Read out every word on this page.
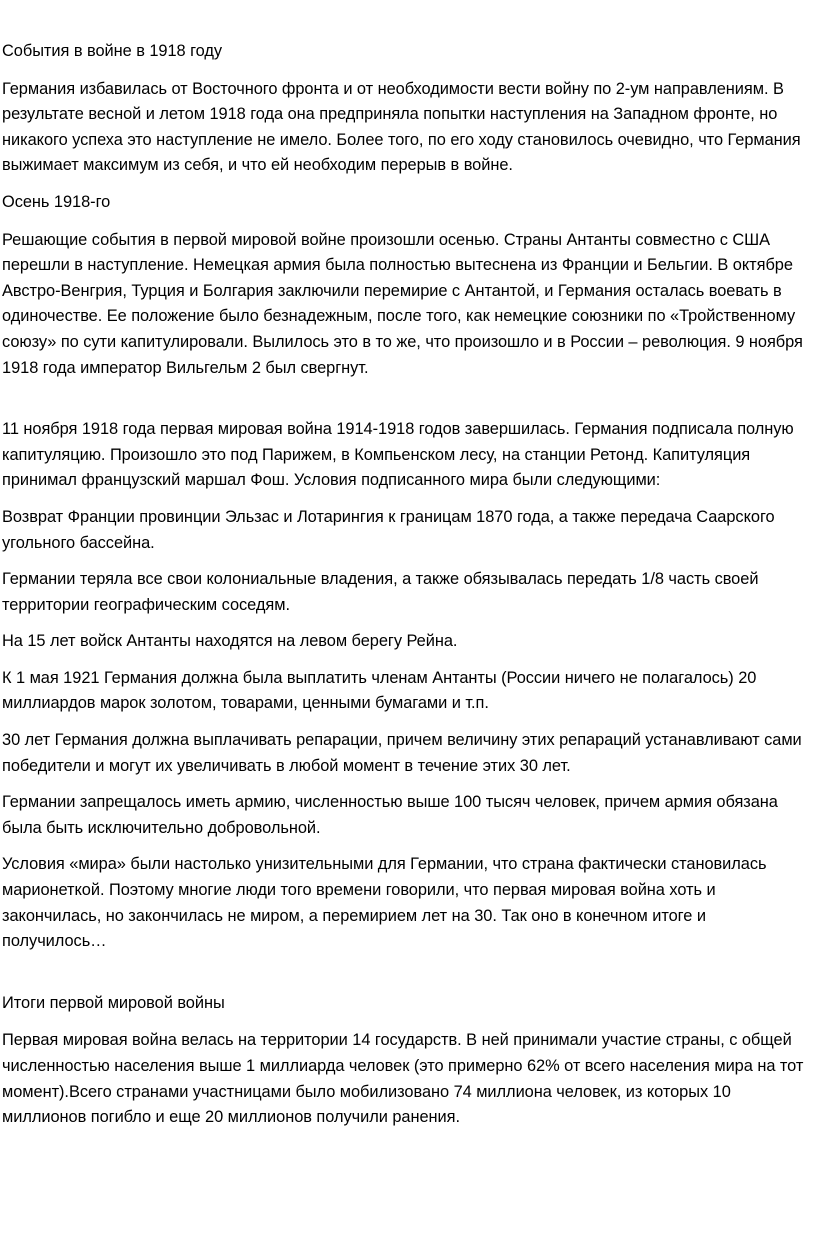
События в войне в 1918 году

Германия избавилась от Восточного фронта и от необходимости вести войну по 2-ум направлениям. В результате весной и летом 1918 года она предприняла попытки наступления на Западном фронте, но никакого успеха это наступление не имело. Более того, по его ходу становилось очевидно, что Германия выжимает максимум из себя, и что ей необходим перерыв в войне.

Осень 1918-го

Решающие события в первой мировой войне произошли осенью. Страны Антанты совместно с США перешли в наступление. Немецкая армия была полностью вытеснена из Франции и Бельгии. В октябре Австро-Венгрия, Турция и Болгария заключили перемирие с Антантой, и Германия осталась воевать в одиночестве. Ее положение было безнадежным, после того, как немецкие союзники по «Тройственному союзу» по сути капитулировали. Вылилось это в то же, что произошло и в России – революция. 9 ноября 1918 года император Вильгельм 2 был свергнут.

11 ноября 1918 года первая мировая война 1914-1918 годов завершилась. Германия подписала полную капитуляцию. Произошло это под Парижем, в Компьенском лесу, на станции Ретонд. Капитуляция принимал французский маршал Фош. Условия подписанного мира были следующими:

Возврат Франции провинции Эльзас и Лотарингия к границам 1870 года, а также передача Саарского угольного бассейна.

Германии теряла все свои колониальные владения, а также обязывалась передать 1/8 часть своей территории географическим соседям.

На 15 лет войск Антанты находятся на левом берегу Рейна.

К 1 мая 1921 Германия должна была выплатить членам Антанты (России ничего не полагалось) 20 миллиардов марок золотом, товарами, ценными бумагами и т.п.

30 лет Германия должна выплачивать репарации, причем величину этих репараций устанавливают сами победители и могут их увеличивать в любой момент в течение этих 30 лет.

Германии запрещалось иметь армию, численностью выше 100 тысяч человек, причем армия обязана была быть исключительно добровольной.

Условия «мира» были настолько унизительными для Германии, что страна фактически становилась марионеткой. Поэтому многие люди того времени говорили, что первая мировая война хоть и закончилась, но закончилась не миром, а перемирием лет на 30. Так оно в конечном итоге и получилось…

Итоги первой мировой войны

Первая мировая война велась на территории 14 государств. В ней принимали участие страны, с общей численностью населения выше 1 миллиарда человек (это примерно 62% от всего населения мира на тот момент).Всего странами участницами было мобилизовано 74 миллиона человек, из которых 10 миллионов погибло и еще 20 миллионов получили ранения.
